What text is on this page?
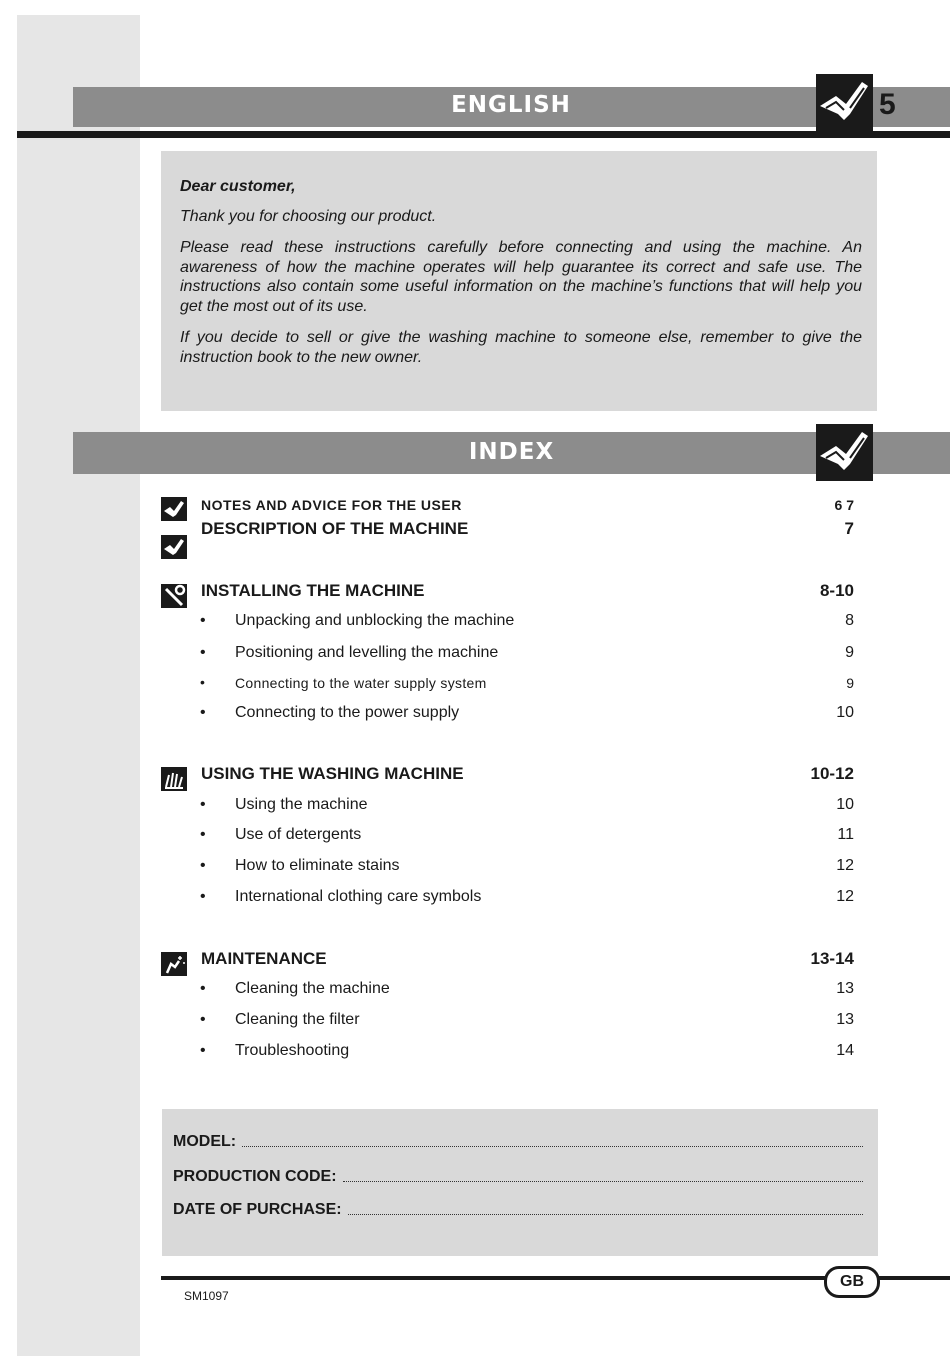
ENGLISH	5

Dear customer,

Thank you for choosing our product.

Please read these instructions carefully before connecting and using the machine. An awareness of how the machine operates will help guarantee its correct and safe use. The instructions also contain some useful information on the machine’s functions that will help you get the most out of its use.

If you decide to sell or give the washing machine to someone else, remember to give the instruction book to the new owner.

INDEX
NOTES AND ADVICE FOR THE USER	6 7
DESCRIPTION OF THE MACHINE	7
INSTALLING THE MACHINE	8-10
• Unpacking and unblocking the machine	8
• Positioning and levelling the machine	9
• Connecting to the water supply system	9
• Connecting to the power supply	10
USING THE WASHING MACHINE	10-12
• Using the machine	10
• Use of detergents	11
• How to eliminate stains	12
• International clothing care symbols	12
MAINTENANCE	13-14
• Cleaning the machine	13
• Cleaning the filter	13
• Troubleshooting	14
MODEL:
PRODUCTION CODE:
DATE OF PURCHASE:
GB
SM1097
